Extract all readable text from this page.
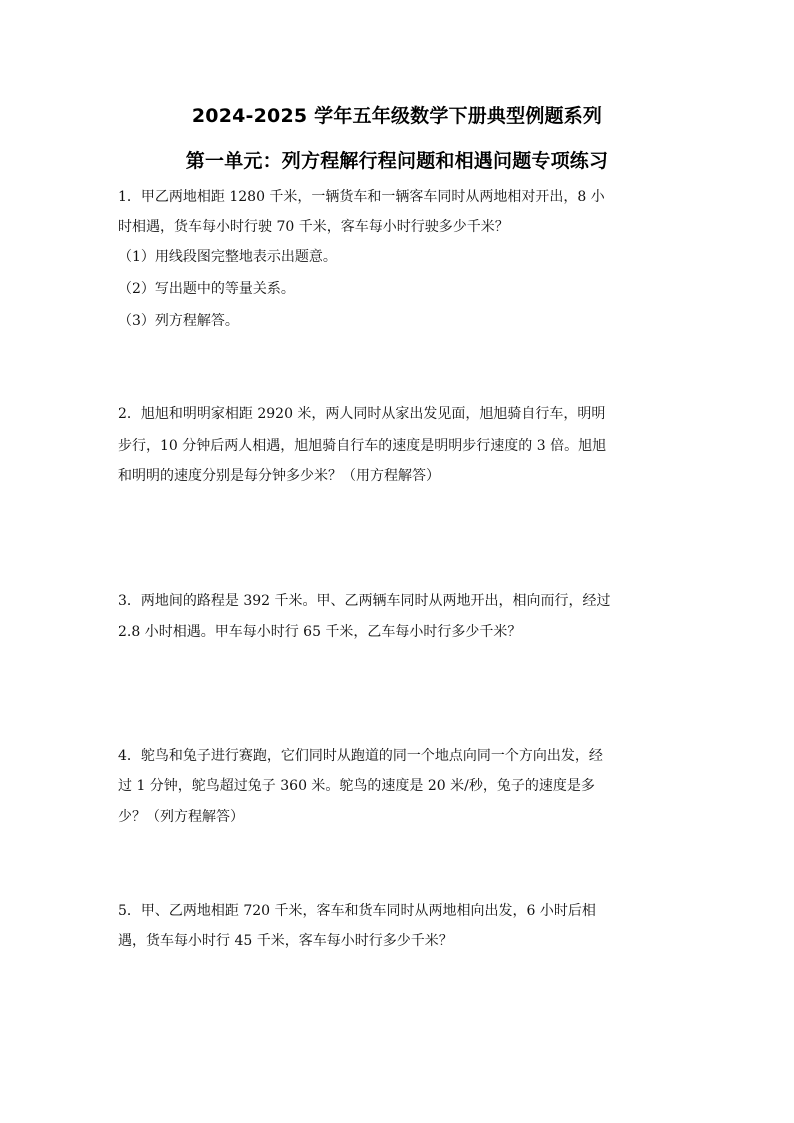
2024-2025 学年五年级数学下册典型例题系列
第一单元：列方程解行程问题和相遇问题专项练习
1．甲乙两地相距 1280 千米，一辆货车和一辆客车同时从两地相对开出，8 小
时相遇，货车每小时行驶 70 千米，客车每小时行驶多少千米？
（1）用线段图完整地表示出题意。
（2）写出题中的等量关系。
（3）列方程解答。
2．旭旭和明明家相距 2920 米，两人同时从家出发见面，旭旭骑自行车，明明
步行，10 分钟后两人相遇，旭旭骑自行车的速度是明明步行速度的 3 倍。旭旭
和明明的速度分别是每分钟多少米？（用方程解答）
3．两地间的路程是 392 千米。甲、乙两辆车同时从两地开出，相向而行，经过
2.8 小时相遇。甲车每小时行 65 千米，乙车每小时行多少千米？
4．鸵鸟和兔子进行赛跑，它们同时从跑道的同一个地点向同一个方向出发，经
过 1 分钟，鸵鸟超过兔子 360 米。鸵鸟的速度是 20 米/秒，兔子的速度是多
少？（列方程解答）
5．甲、乙两地相距 720 千米，客车和货车同时从两地相向出发，6 小时后相
遇，货车每小时行 45 千米，客车每小时行多少千米？
